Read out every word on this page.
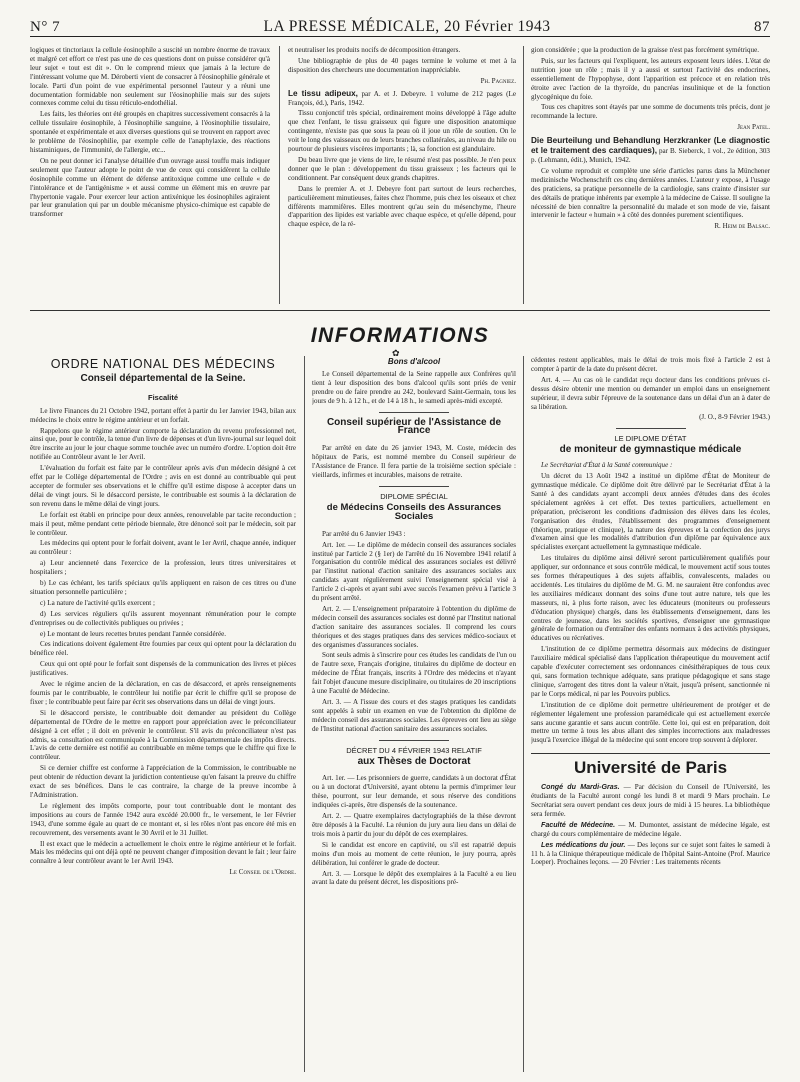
N° 7	LA PRESSE MÉDICALE, 20 Février 1943	87

logiques et tinctoriaux la cellule éosinophile a suscité un nombre énorme de travaux et malgré cet effort ce n'est pas une de ces questions dont on puisse considérer qu'à leur sujet « tout est dit ». On le comprend mieux que jamais à la lecture de l'intéressant volume que M. Déroberti vient de consacrer à l'éosinophilie générale et locale. Parti d'un point de vue expérimental personnel l'auteur y a réuni une documentation formidable non seulement sur l'éosinophilie mais sur des sujets connexes comme celui du tissu réticulo-endothélial.

Les faits, les théories ont été groupés en chapitres successivement consacrés à la cellule tissulaire éosinophile, à l'éosinophilie sanguine, à l'éosinophilie tissulaire, spontanée et expérimentale et aux diverses questions qui se trouvent en rapport avec le problème de l'éosinophilie, par exemple celle de l'anaphylaxie, des réactions histaminiques, de l'immunité, de l'allergie, etc...

On ne peut donner ici l'analyse détaillée d'un ouvrage aussi touffu mais indiquer seulement que l'auteur adopte le point de vue de ceux qui considèrent la cellule éosinophile comme un élément de défense antitoxique comme une cellule « de l'intolérance et de l'antigénisme » et aussi comme un élément mis en œuvre par l'hypertonie vagale. Pour exercer leur action antixénique les éosinophiles agiraient par leur granulation qui par un double mécanisme physico-chimique est capable de transformer

et neutraliser les produits nocifs de décomposition étrangers.

Une bibliographie de plus de 40 pages termine le volume et met à la disposition des chercheurs une documentation inappréciable.

Ph. Pagniez.

Le tissu adipeux, par A. et J. Debeyre. 1 volume de 212 pages (Le François, éd.), Paris, 1942.

Tissu conjonctif très spécial, ordinairement moins développé à l'âge adulte que chez l'enfant, le tissu graisseux qui figure une disposition anatomique contingente, n'existe pas que sous la peau où il joue un rôle de soutien. On le voit le long des vaisseaux ou de leurs branches collatérales, au niveau du hile ou pourtour de plusieurs viscères importants ; là, sa fonction est glandulaire.

Du beau livre que je viens de lire, le résumé n'est pas possible. Je n'en peux donner que le plan : développement du tissu graisseux ; les facteurs qui le conditionnent. Par conséquent deux grands chapitres.

Dans le premier A. et J. Debeyre font part surtout de leurs recherches, particulièrement minutieuses, faites chez l'homme, puis chez les oiseaux et chez différents mammifères. Elles montrent qu'au sein du mésenchyme, l'heure d'apparition des lipides est variable avec chaque espèce, et qu'elle dépend, pour chaque espèce, de la ré-

gion considérée ; que la production de la graisse n'est pas forcément symétrique.

Puis, sur les facteurs qui l'expliquent, les auteurs exposent leurs idées. L'état de nutrition joue un rôle ; mais il y a aussi et surtout l'activité des endocrines, essentiellement de l'hypophyse, dont l'apparition est précoce et en relation très étroite avec l'action de la thyroïde, du pancréas insulinique et de la fonction glycogénique du foie.

Tous ces chapitres sont étayés par une somme de documents très précis, dont je recommande la lecture.

Jean Patel.

Die Beurteilung und Behandlung Herzkranker (Le diagnostic et le traitement des cardiaques), par B. Sieberck, 1 vol., 2e édition, 303 p. (Lehmann, édit.), Munich, 1942.

Ce volume reproduit et complète une série d'articles parus dans la Münchener medizinische Wochenschrift ces cinq dernières années. L'auteur y expose, à l'usage des praticiens, sa pratique personnelle de la cardiologie, sans crainte d'insister sur des détails de pratique inhérents par exemple à la médecine de Caisse. Il souligne la nécessité de bien connaître la personnalité du malade et son mode de vie, faisant intervenir le facteur « humain » à côté des données purement scientifiques.

R. Heim de Balsac.
INFORMATIONS
✿
ORDRE NATIONAL DES MÉDECINS
Conseil départemental de la Seine.
Fiscalité

Le livre Finances du 21 Octobre 1942, portant effet à partir du 1er Janvier 1943, bilan aux médecins le choix entre le régime antérieur et un forfait.

Rappelons que le régime antérieur comporte la déclaration du revenu professionnel net, ainsi que, pour le contrôle, la tenue d'un livre de dépenses et d'un livre-journal sur lequel doit être inscrite au jour le jour chaque somme touchée avec un numéro d'ordre. L'option doit être notifiée au Contrôleur avant le 1er Avril.

L'évaluation du forfait est faite par le contrôleur après avis d'un médecin désigné à cet effet par le Collège départemental de l'Ordre ; avis en est donné au contribuable qui peut accepter de formuler ses observations et le chiffre qu'il estime dispose à accepter dans un délai de vingt jours. Si le désaccord persiste, le contribuable est soumis à la déclaration de son revenu dans le même délai de vingt jours.

Le forfait est établi en principe pour deux années, renouvelable par tacite reconduction ; mais il peut, même pendant cette période biennale, être dénoncé soit par le médecin, soit par le contrôleur.

Les médecins qui optent pour le forfait doivent, avant le 1er Avril, chaque année, indiquer au contrôleur :

a) Leur ancienneté dans l'exercice de la profession, leurs titres universitaires et hospitaliers ;

b) Le cas échéant, les tarifs spéciaux qu'ils appliquent en raison de ces titres ou d'une situation personnelle particulière ;

c) La nature de l'activité qu'ils exercent ;

d) Les services réguliers qu'ils assurent moyennant rémunération pour le compte d'entreprises ou de collectivités publiques ou privées ;

e) Le montant de leurs recettes brutes pendant l'année considérée.

Ces indications doivent également être fournies par ceux qui optent pour la déclaration du bénéfice réel.

Ceux qui ont opté pour le forfait sont dispensés de la communication des livres et pièces justificatives.

Avec le régime ancien de la déclaration, en cas de désaccord, et après renseignements fournis par le contribuable, le contrôleur lui notifie par écrit le chiffre qu'il se propose de fixer ; le contribuable peut faire par écrit ses observations dans un délai de vingt jours.

Si le désaccord persiste, le contribuable doit demander au président du Collège départemental de l'Ordre de le mettre en rapport pour appréciation avec le préconciliateur désigné à cet effet ; il doit en prévenir le contrôleur. S'il avis du préconciliateur n'est pas admis, sa consultation est communiquée à la Commission départementale des impôts directs. L'avis de cette dernière est notifié au contribuable en même temps que le chiffre qui fixe le contrôleur.

Si ce dernier chiffre est conforme à l'appréciation de la Commission, le contribuable ne peut obtenir de réduction devant la juridiction contentieuse qu'en faisant la preuve du chiffre exact de ses bénéfices. Dans le cas contraire, la charge de la preuve incombe à l'Administration.

Le règlement des impôts comporte, pour tout contribuable dont le montant des impositions au cours de l'année 1942 aura excédé 20.000 fr., le versement, le 1er Février 1943, d'une somme égale au quart de ce montant et, si les rôles n'ont pas encore été mis en recouvrement, des versements avant le 30 Avril et le 31 Juillet.

Il est exact que le médecin a actuellement le choix entre le régime antérieur et le forfait. Mais les médecins qui ont déjà opté ne peuvent changer d'imposition devant le fait ; leur faire connaître à leur contrôleur avant le 1er Avril 1943.

Le Conseil de l'Ordre.
Bons d'alcool

Le Conseil départemental de la Seine rappelle aux Confrères qu'il tient à leur disposition des bons d'alcool qu'ils sont priés de venir prendre ou de faire prendre au 242, boulevard Saint-Germain, tous les jours de 9 h. à 12 h., et de 14 à 18 h., le samedi après-midi excepté.

Conseil supérieur de l'Assistance de France

Par arrêté en date du 26 janvier 1943, M. Coste, médecin des hôpitaux de Paris, est nommé membre du Conseil supérieur de l'Assistance de France. Il fera partie de la troisième section spéciale : vieillards, infirmes et incurables, maisons de retraite.

DIPLOME SPÉCIAL
de Médecins Conseils des Assurances Sociales

Par arrêté du 6 Janvier 1943 :

Art. 1er. — Le diplôme de médecin conseil des assurances sociales institué par l'article 2 (§ 1er) de l'arrêté du 16 Novembre 1941 relatif à l'organisation du contrôle médical des assurances sociales est délivré par l'institut national d'action sanitaire des assurances sociales aux candidats ayant régulièrement suivi l'enseignement spécial visé à l'article 2 ci-après et ayant subi avec succès l'examen prévu à l'article 3 du présent arrêté.

Art. 2. — L'enseignement préparatoire à l'obtention du diplôme de médecin conseil des assurances sociales est donné par l'Institut national d'action sanitaire des assurances sociales. Il comprend les cours théoriques et des stages pratiques dans des services médico-sociaux et des organismes d'assurances sociales.

Sont seuls admis à s'inscrire pour ces études les candidats de l'un ou de l'autre sexe, Français d'origine, titulaires du diplôme de docteur en médecine de l'État français, inscrits à l'Ordre des médecins et n'ayant fait l'objet d'aucune mesure disciplinaire, ou titulaires de 20 inscriptions à une Faculté de Médecine.

Art. 3. — A l'issue des cours et des stages pratiques les candidats sont appelés à subir un examen en vue de l'obtention du diplôme de médecin conseil des assurances sociales. Les épreuves ont lieu au siège de l'Institut national d'action sanitaire des assurances sociales.

DÉCRET DU 4 FÉVRIER 1943 RELATIF
aux Thèses de Doctorat

Art. 1er. — Les prisonniers de guerre, candidats à un doctorat d'État ou à un doctorat d'Université, ayant obtenu la permis d'imprimer leur thèse, pourront, sur leur demande, et sous réserve des conditions indiquées ci-après, être dispensés de la soutenance.

Art. 2. — Quatre exemplaires dactylographiés de la thèse devront être déposés à la Faculté. La réunion du jury aura lieu dans un délai de trois mois à partir du jour du dépôt de ces exemplaires.

Si le candidat est encore en captivité, ou s'il est rapatrié depuis moins d'un mois au moment de cette réunion, le jury pourra, après délibération, lui conférer le grade de docteur.

Art. 3. — Lorsque le dépôt des exemplaires à la Faculté a eu lieu avant la date du présent décret, les dispositions pré-

cédentes restent applicables, mais le délai de trois mois fixé à l'article 2 est à compter à partir de la date du présent décret.

Art. 4. — Au cas où le candidat reçu docteur dans les conditions prévues ci-dessus désire obtenir une mention ou demander un emploi dans un enseignement supérieur, il devra subir l'épreuve de la soutenance dans un délai d'un an à dater de sa libération.

(J. O., 8-9 Février 1943.)
LE DIPLOME D'ÉTAT
de moniteur de gymnastique médicale

Le Secrétariat d'État à la Santé communique :

Un décret du 13 Août 1942 a institué un diplôme d'État de Moniteur de gymnastique médicale. Ce diplôme doit être délivré par le Secrétariat d'État à la Santé à des candidats ayant accompli deux années d'études dans des écoles spécialement agréées à cet effet. Des textes particuliers, actuellement en préparation, préciseront les conditions d'admission des élèves dans les écoles, l'organisation des études, l'établissement des programmes d'enseignement (théorique, pratique et clinique), la nature des épreuves et la confection des jurys d'examen ainsi que les modalités d'attribution d'un diplôme par équivalence aux spécialistes exerçant actuellement la gymnastique médicale.

Les titulaires du diplôme ainsi délivré seront particulièrement qualifiés pour appliquer, sur ordonnance et sous contrôle médical, le mouvement actif sous toutes ses formes thérapeutiques à des sujets affaiblis, convalescents, malades ou accidentés. Les titulaires du diplôme de M. G. M. ne sauraient être confondus avec les auxiliaires médicaux donnant des soins d'une tout autre nature, tels que les masseurs, ni, à plus forte raison, avec les éducateurs (moniteurs ou professeurs d'éducation physique) chargés, dans les établissements d'enseignement, dans les centres de jeunesse, dans les sociétés sportives, d'enseigner une gymnastique générale de formation ou d'entraîner des enfants normaux à des activités physiques, éducatives ou récréatives.

L'institution de ce diplôme permettra désormais aux médecins de distinguer l'auxiliaire médical spécialisé dans l'application thérapeutique du mouvement actif capable d'exécuter correctement ses ordonnances cinésithérapiques de tous ceux qui, sans formation technique adéquate, sans pratique pédagogique et sans stage clinique, s'arrogent des titres dont la valeur n'était, jusqu'à présent, sanctionnée ni par le Corps médical, ni par les Pouvoirs publics.

L'institution de ce diplôme doit permettre ultérieurement de protéger et de réglementer légalement une profession paramédicale qui est actuellement exercée sans aucune garantie et sans aucun contrôle. Cette loi, qui est en préparation, doit mettre un terme à tous les abus allant des simples incorrections aux maladresses jusqu'à l'exercice illégal de la médecine qui sont encore trop souvent à déplorer.

Université de Paris

Congé du Mardi-Gras. — Par décision du Conseil de l'Université, les étudiants de la Faculté auront congé les lundi 8 et mardi 9 Mars prochain. Le Secrétariat sera ouvert pendant ces deux jours de midi à 15 heures. La bibliothèque sera fermée.

Faculté de Médecine. — M. Dumontet, assistant de médecine légale, est chargé du cours complémentaire de médecine légale.

Les médications du jour. — Des leçons sur ce sujet sont faites le samedi à 11 h. à la Clinique thérapeutique médicale de l'hôpital Saint-Antoine (Prof. Maurice Loeper). Prochaines leçons. — 20 Février : Les traitements récents
